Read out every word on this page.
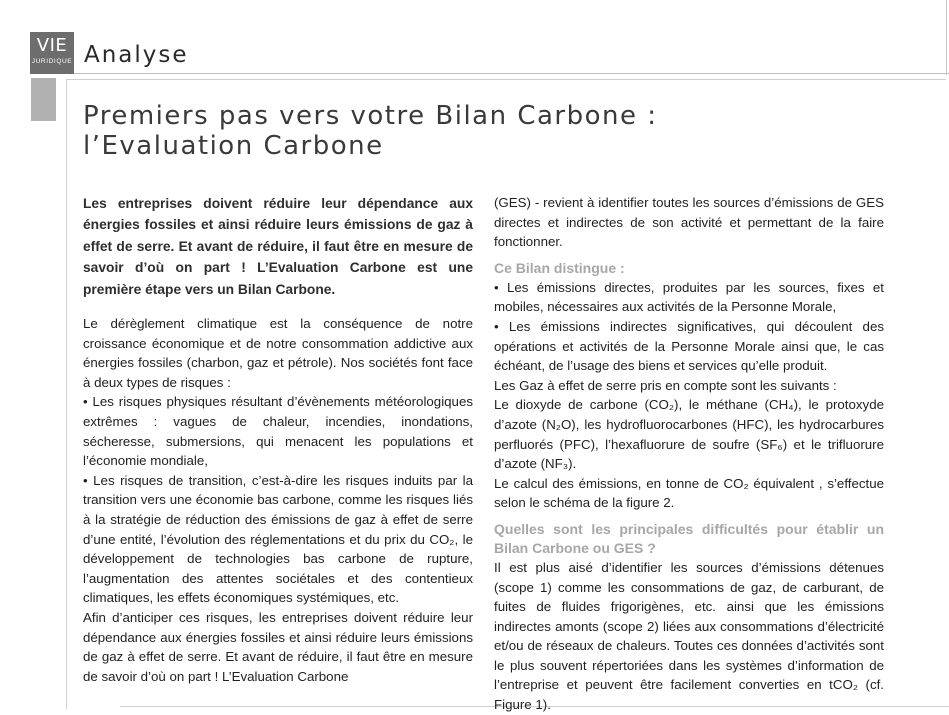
VIE
JURIDIQUE Analyse
Premiers pas vers votre Bilan Carbone :
l’Evaluation Carbone

Les entreprises doivent réduire leur dépendance aux énergies fossiles et ainsi réduire leurs émissions de gaz à effet de serre. Et avant de réduire, il faut être en mesure de savoir d’où on part ! L’Evaluation Carbone est une première étape vers un Bilan Carbone.

Le dérèglement climatique est la conséquence de notre croissance économique et de notre consommation addictive aux énergies fossiles (charbon, gaz et pétrole). Nos sociétés font face à deux types de risques :

• Les risques physiques résultant d’évènements météorologiques extrêmes : vagues de chaleur, incendies, inondations, sécheresse, submersions, qui menacent les populations et l’économie mondiale,

• Les risques de transition, c’est-à-dire les risques induits par la transition vers une économie bas carbone, comme les risques liés à la stratégie de réduction des émissions de gaz à effet de serre d’une entité, l’évolution des réglementations et du prix du CO₂, le développement de technologies bas carbone de rupture, l’augmentation des attentes sociétales et des contentieux climatiques, les effets économiques systémiques, etc.

Afin d’anticiper ces risques, les entreprises doivent réduire leur dépendance aux énergies fossiles et ainsi réduire leurs émissions de gaz à effet de serre. Et avant de réduire, il faut être en mesure de savoir d’où on part ! L’Evaluation Carbone

(GES) - revient à identifier toutes les sources d’émissions de GES directes et indirectes de son activité et permettant de la faire fonctionner.

Ce Bilan distingue :

• Les émissions directes, produites par les sources, fixes et mobiles, nécessaires aux activités de la Personne Morale,

• Les émissions indirectes significatives, qui découlent des opérations et activités de la Personne Morale ainsi que, le cas échéant, de l’usage des biens et services qu’elle produit.

Les Gaz à effet de serre pris en compte sont les suivants :

Le dioxyde de carbone (CO₂), le méthane (CH₄), le protoxyde d’azote (N₂O), les hydrofluorocarbones (HFC), les hydrocarbures perfluorés (PFC), l’hexafluorure de soufre (SF₆) et le trifluorure d’azote (NF₃).

Le calcul des émissions, en tonne de CO₂ équivalent , s’effectue selon le schéma de la figure 2.

Quelles sont les principales difficultés pour établir un Bilan Carbone ou GES ?

Il est plus aisé d’identifier les sources d’émissions détenues (scope 1) comme les consommations de gaz, de carburant, de fuites de fluides frigorigènes, etc. ainsi que les émissions indirectes amonts (scope 2) liées aux consommations d’électricité et/ou de réseaux de chaleurs. Toutes ces données d’activités sont le plus souvent répertoriées dans les systèmes d’information de l’entreprise et peuvent être facilement converties en tCO₂ (cf. Figure 1).
